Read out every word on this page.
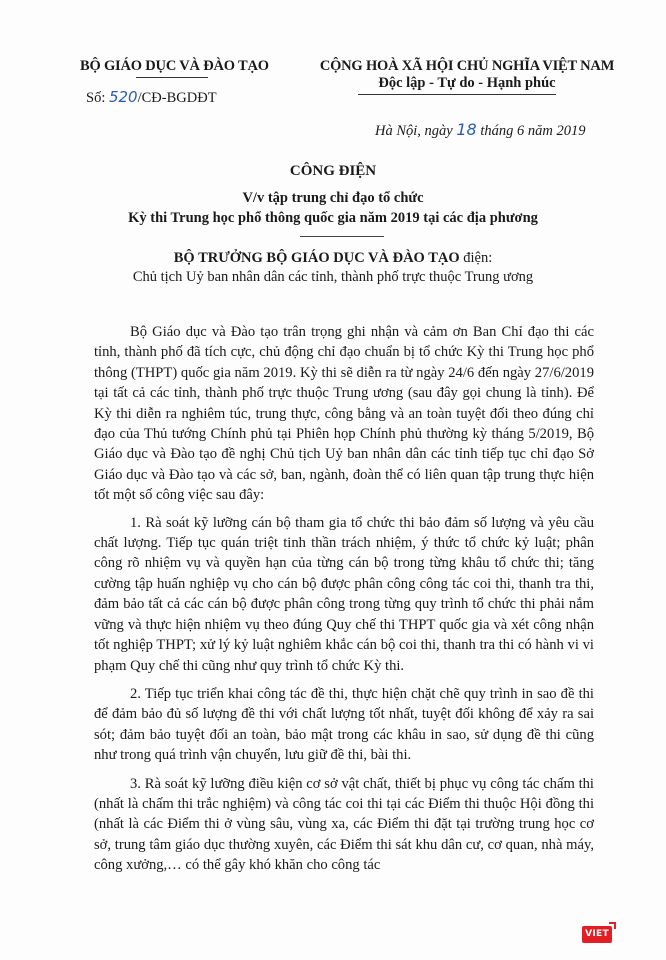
BỘ GIÁO DỤC VÀ ĐÀO TẠO
Số: 520/CĐ-BGDĐT
CỘNG HOÀ XÃ HỘI CHỦ NGHĨA VIỆT NAM
Độc lập - Tự do - Hạnh phúc
Hà Nội, ngày 18 tháng 6 năm 2019
CÔNG ĐIỆN
V/v tập trung chỉ đạo tổ chức
Kỳ thi Trung học phổ thông quốc gia năm 2019 tại các địa phương
BỘ TRƯỞNG BỘ GIÁO DỤC VÀ ĐÀO TẠO điện:
Chủ tịch Uỷ ban nhân dân các tỉnh, thành phố trực thuộc Trung ương

Bộ Giáo dục và Đào tạo trân trọng ghi nhận và cảm ơn Ban Chỉ đạo thi các tỉnh, thành phố đã tích cực, chủ động chỉ đạo chuẩn bị tổ chức Kỳ thi Trung học phổ thông (THPT) quốc gia năm 2019. Kỳ thi sẽ diễn ra từ ngày 24/6 đến ngày 27/6/2019 tại tất cả các tỉnh, thành phố trực thuộc Trung ương (sau đây gọi chung là tỉnh). Để Kỳ thi diễn ra nghiêm túc, trung thực, công bằng và an toàn tuyệt đối theo đúng chỉ đạo của Thủ tướng Chính phủ tại Phiên họp Chính phủ thường kỳ tháng 5/2019, Bộ Giáo dục và Đào tạo đề nghị Chủ tịch Uỷ ban nhân dân các tỉnh tiếp tục chỉ đạo Sở Giáo dục và Đào tạo và các sở, ban, ngành, đoàn thể có liên quan tập trung thực hiện tốt một số công việc sau đây:

1. Rà soát kỹ lưỡng cán bộ tham gia tổ chức thi bảo đảm số lượng và yêu cầu chất lượng. Tiếp tục quán triệt tinh thần trách nhiệm, ý thức tổ chức kỷ luật; phân công rõ nhiệm vụ và quyền hạn của từng cán bộ trong từng khâu tổ chức thi; tăng cường tập huấn nghiệp vụ cho cán bộ được phân công công tác coi thi, thanh tra thi, đảm bảo tất cả các cán bộ được phân công trong từng quy trình tổ chức thi phải nắm vững và thực hiện nhiệm vụ theo đúng Quy chế thi THPT quốc gia và xét công nhận tốt nghiệp THPT; xử lý kỷ luật nghiêm khắc cán bộ coi thi, thanh tra thi có hành vi vi phạm Quy chế thi cũng như quy trình tổ chức Kỳ thi.

2. Tiếp tục triển khai công tác đề thi, thực hiện chặt chẽ quy trình in sao đề thi để đảm bảo đủ số lượng đề thi với chất lượng tốt nhất, tuyệt đối không để xảy ra sai sót; đảm bảo tuyệt đối an toàn, bảo mật trong các khâu in sao, sử dụng đề thi cũng như trong quá trình vận chuyển, lưu giữ đề thi, bài thi.

3. Rà soát kỹ lưỡng điều kiện cơ sở vật chất, thiết bị phục vụ công tác chấm thi (nhất là chấm thi trắc nghiệm) và công tác coi thi tại các Điểm thi thuộc Hội đồng thi (nhất là các Điểm thi ở vùng sâu, vùng xa, các Điểm thi đặt tại trường trung học cơ sở, trung tâm giáo dục thường xuyên, các Điểm thi sát khu dân cư, cơ quan, nhà máy, công xưởng,… có thể gây khó khăn cho công tác

VIET
